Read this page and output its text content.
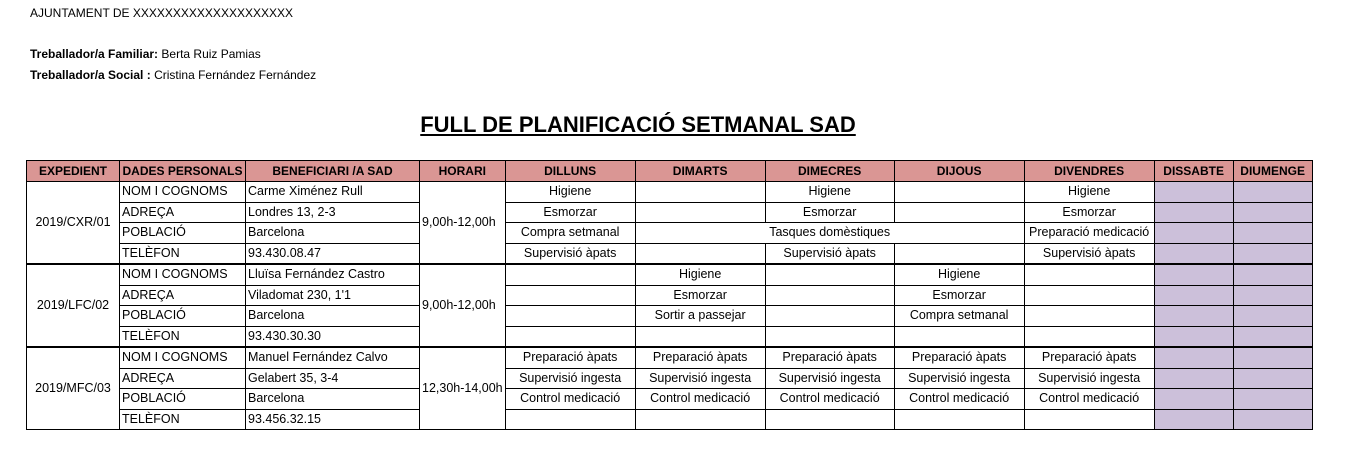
AJUNTAMENT DE XXXXXXXXXXXXXXXXXXXX
Treballador/a Familiar: Berta Ruiz Pamias
Treballador/a Social : Cristina Fernández Fernández
FULL DE PLANIFICACIÓ SETMANAL SAD
EXPEDIENT	DADES PERSONALS	BENEFICIARI /A SAD	HORARI	DILLUNS	DIMARTS	DIMECRES	DIJOUS	DIVENDRES	DISSABTE	DIUMENGE
2019/CXR/01	NOM I COGNOMS	Carme Ximénez Rull	9,00h-12,00h	Higiene		Higiene		Higiene		
	ADREÇA	Londres 13, 2-3		Esmorzar		Esmorzar		Esmorzar		
	POBLACIÓ	Barcelona		Compra setmanal	Tasques domèstiques			Preparació medicació		
	TELÈFON	93.430.08.47		Supervisió àpats		Supervisió àpats		Supervisió àpats		
2019/LFC/02	NOM I COGNOMS	Lluïsa Fernández Castro	9,00h-12,00h		Higiene		Higiene			
	ADREÇA	Viladomat 230, 1'1			Esmorzar		Esmorzar			
	POBLACIÓ	Barcelona			Sortir a passejar		Compra setmanal			
	TELÈFON	93.430.30.30								
2019/MFC/03	NOM I COGNOMS	Manuel Fernández Calvo	12,30h-14,00h	Preparació àpats	Preparació àpats	Preparació àpats	Preparació àpats	Preparació àpats		
	ADREÇA	Gelabert 35, 3-4		Supervisió ingesta	Supervisió ingesta	Supervisió ingesta	Supervisió ingesta	Supervisió ingesta		
	POBLACIÓ	Barcelona		Control medicació	Control medicació	Control medicació	Control medicació	Control medicació		
	TELÈFON	93.456.32.15								
